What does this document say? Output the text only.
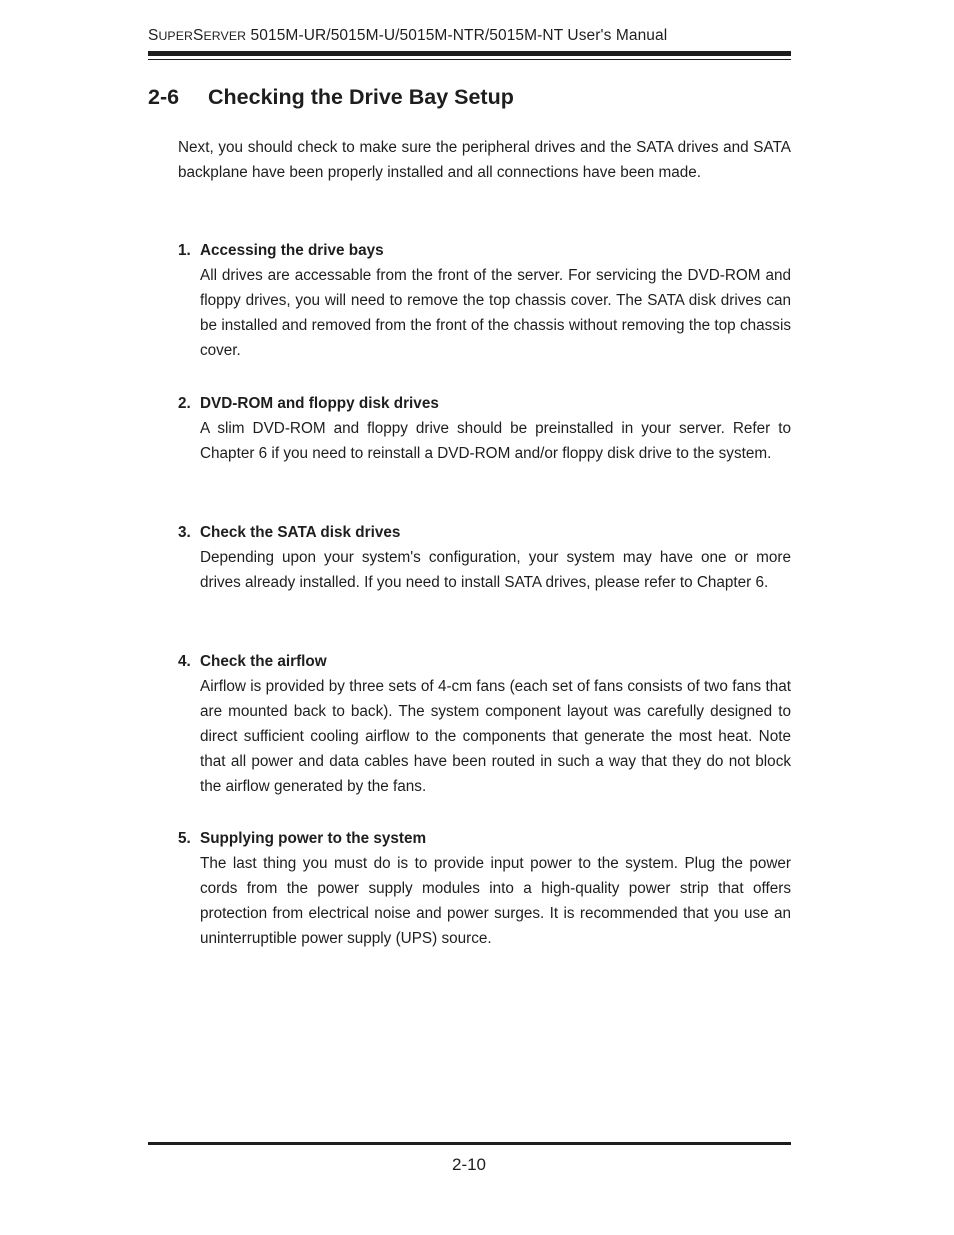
SUPERSERVER 5015M-UR/5015M-U/5015M-NTR/5015M-NT User's Manual
2-6 Checking the Drive Bay Setup

Next, you should check to make sure the peripheral drives and the SATA drives and SATA backplane have been properly installed and all connections have been made.

1. Accessing the drive bays

All drives are accessable from the front of the server. For servicing the DVD-ROM and floppy drives, you will need to remove the top chassis cover. The SATA disk drives can be installed and removed from the front of the chassis without removing the top chassis cover.

2. DVD-ROM and floppy disk drives

A slim DVD-ROM and floppy drive should be preinstalled in your server. Refer to Chapter 6 if you need to reinstall a DVD-ROM and/or floppy disk drive to the system.

3. Check the SATA disk drives

Depending upon your system's configuration, your system may have one or more drives already installed. If you need to install SATA drives, please refer to Chapter 6.

4. Check the airflow

Airflow is provided by three sets of 4-cm fans (each set of fans consists of two fans that are mounted back to back). The system component layout was carefully designed to direct sufficient cooling airflow to the components that generate the most heat. Note that all power and data cables have been routed in such a way that they do not block the airflow generated by the fans.

5. Supplying power to the system

The last thing you must do is to provide input power to the system. Plug the power cords from the power supply modules into a high-quality power strip that offers protection from electrical noise and power surges. It is recommended that you use an uninterruptible power supply (UPS) source.

2-10
